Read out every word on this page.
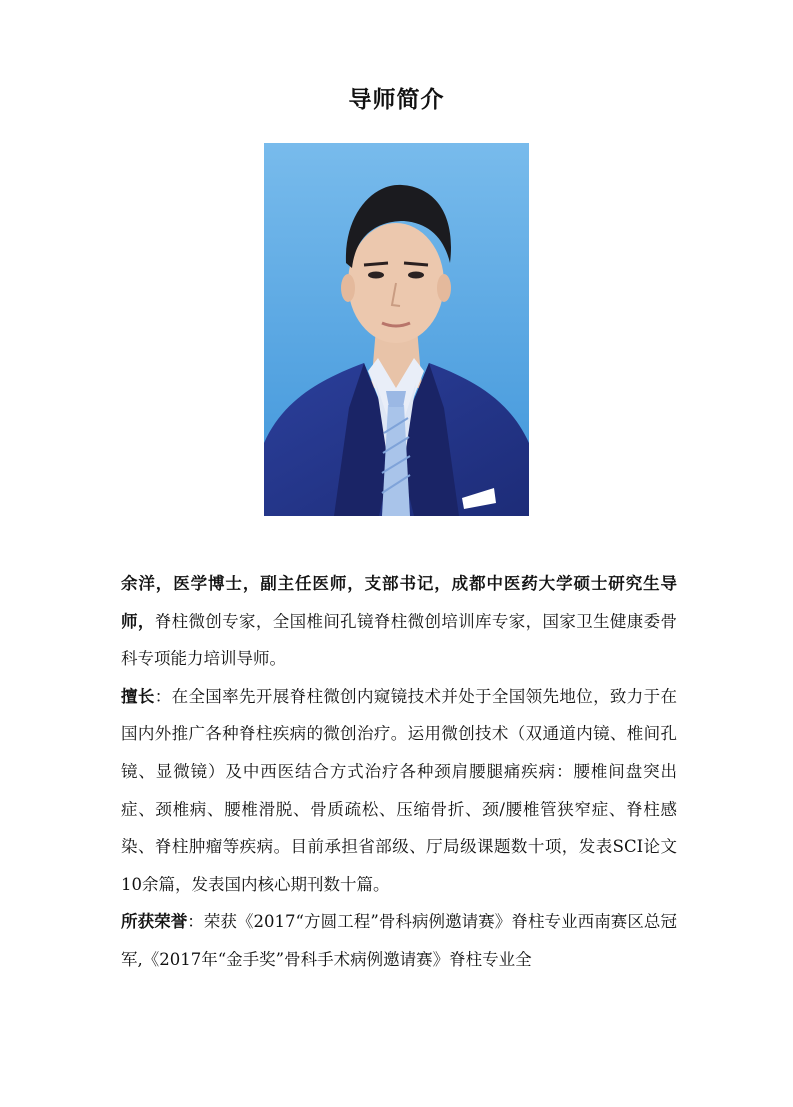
导师简介

余洋，医学博士，副主任医师，支部书记，成都中医药大学硕士研究生导师，脊柱微创专家，全国椎间孔镜脊柱微创培训库专家，国家卫生健康委骨科专项能力培训导师。

擅长：在全国率先开展脊柱微创内窥镜技术并处于全国领先地位，致力于在国内外推广各种脊柱疾病的微创治疗。运用微创技术（双通道内镜、椎间孔镜、显微镜）及中西医结合方式治疗各种颈肩腰腿痛疾病：腰椎间盘突出症、颈椎病、腰椎滑脱、骨质疏松、压缩骨折、颈/腰椎管狭窄症、脊柱感染、脊柱肿瘤等疾病。目前承担省部级、厅局级课题数十项，发表SCI论文10余篇，发表国内核心期刊数十篇。

所获荣誉：荣获《2017“方圆工程”骨科病例邀请赛》脊柱专业西南赛区总冠军,《2017年“金手奖”骨科手术病例邀请赛》脊柱专业全
